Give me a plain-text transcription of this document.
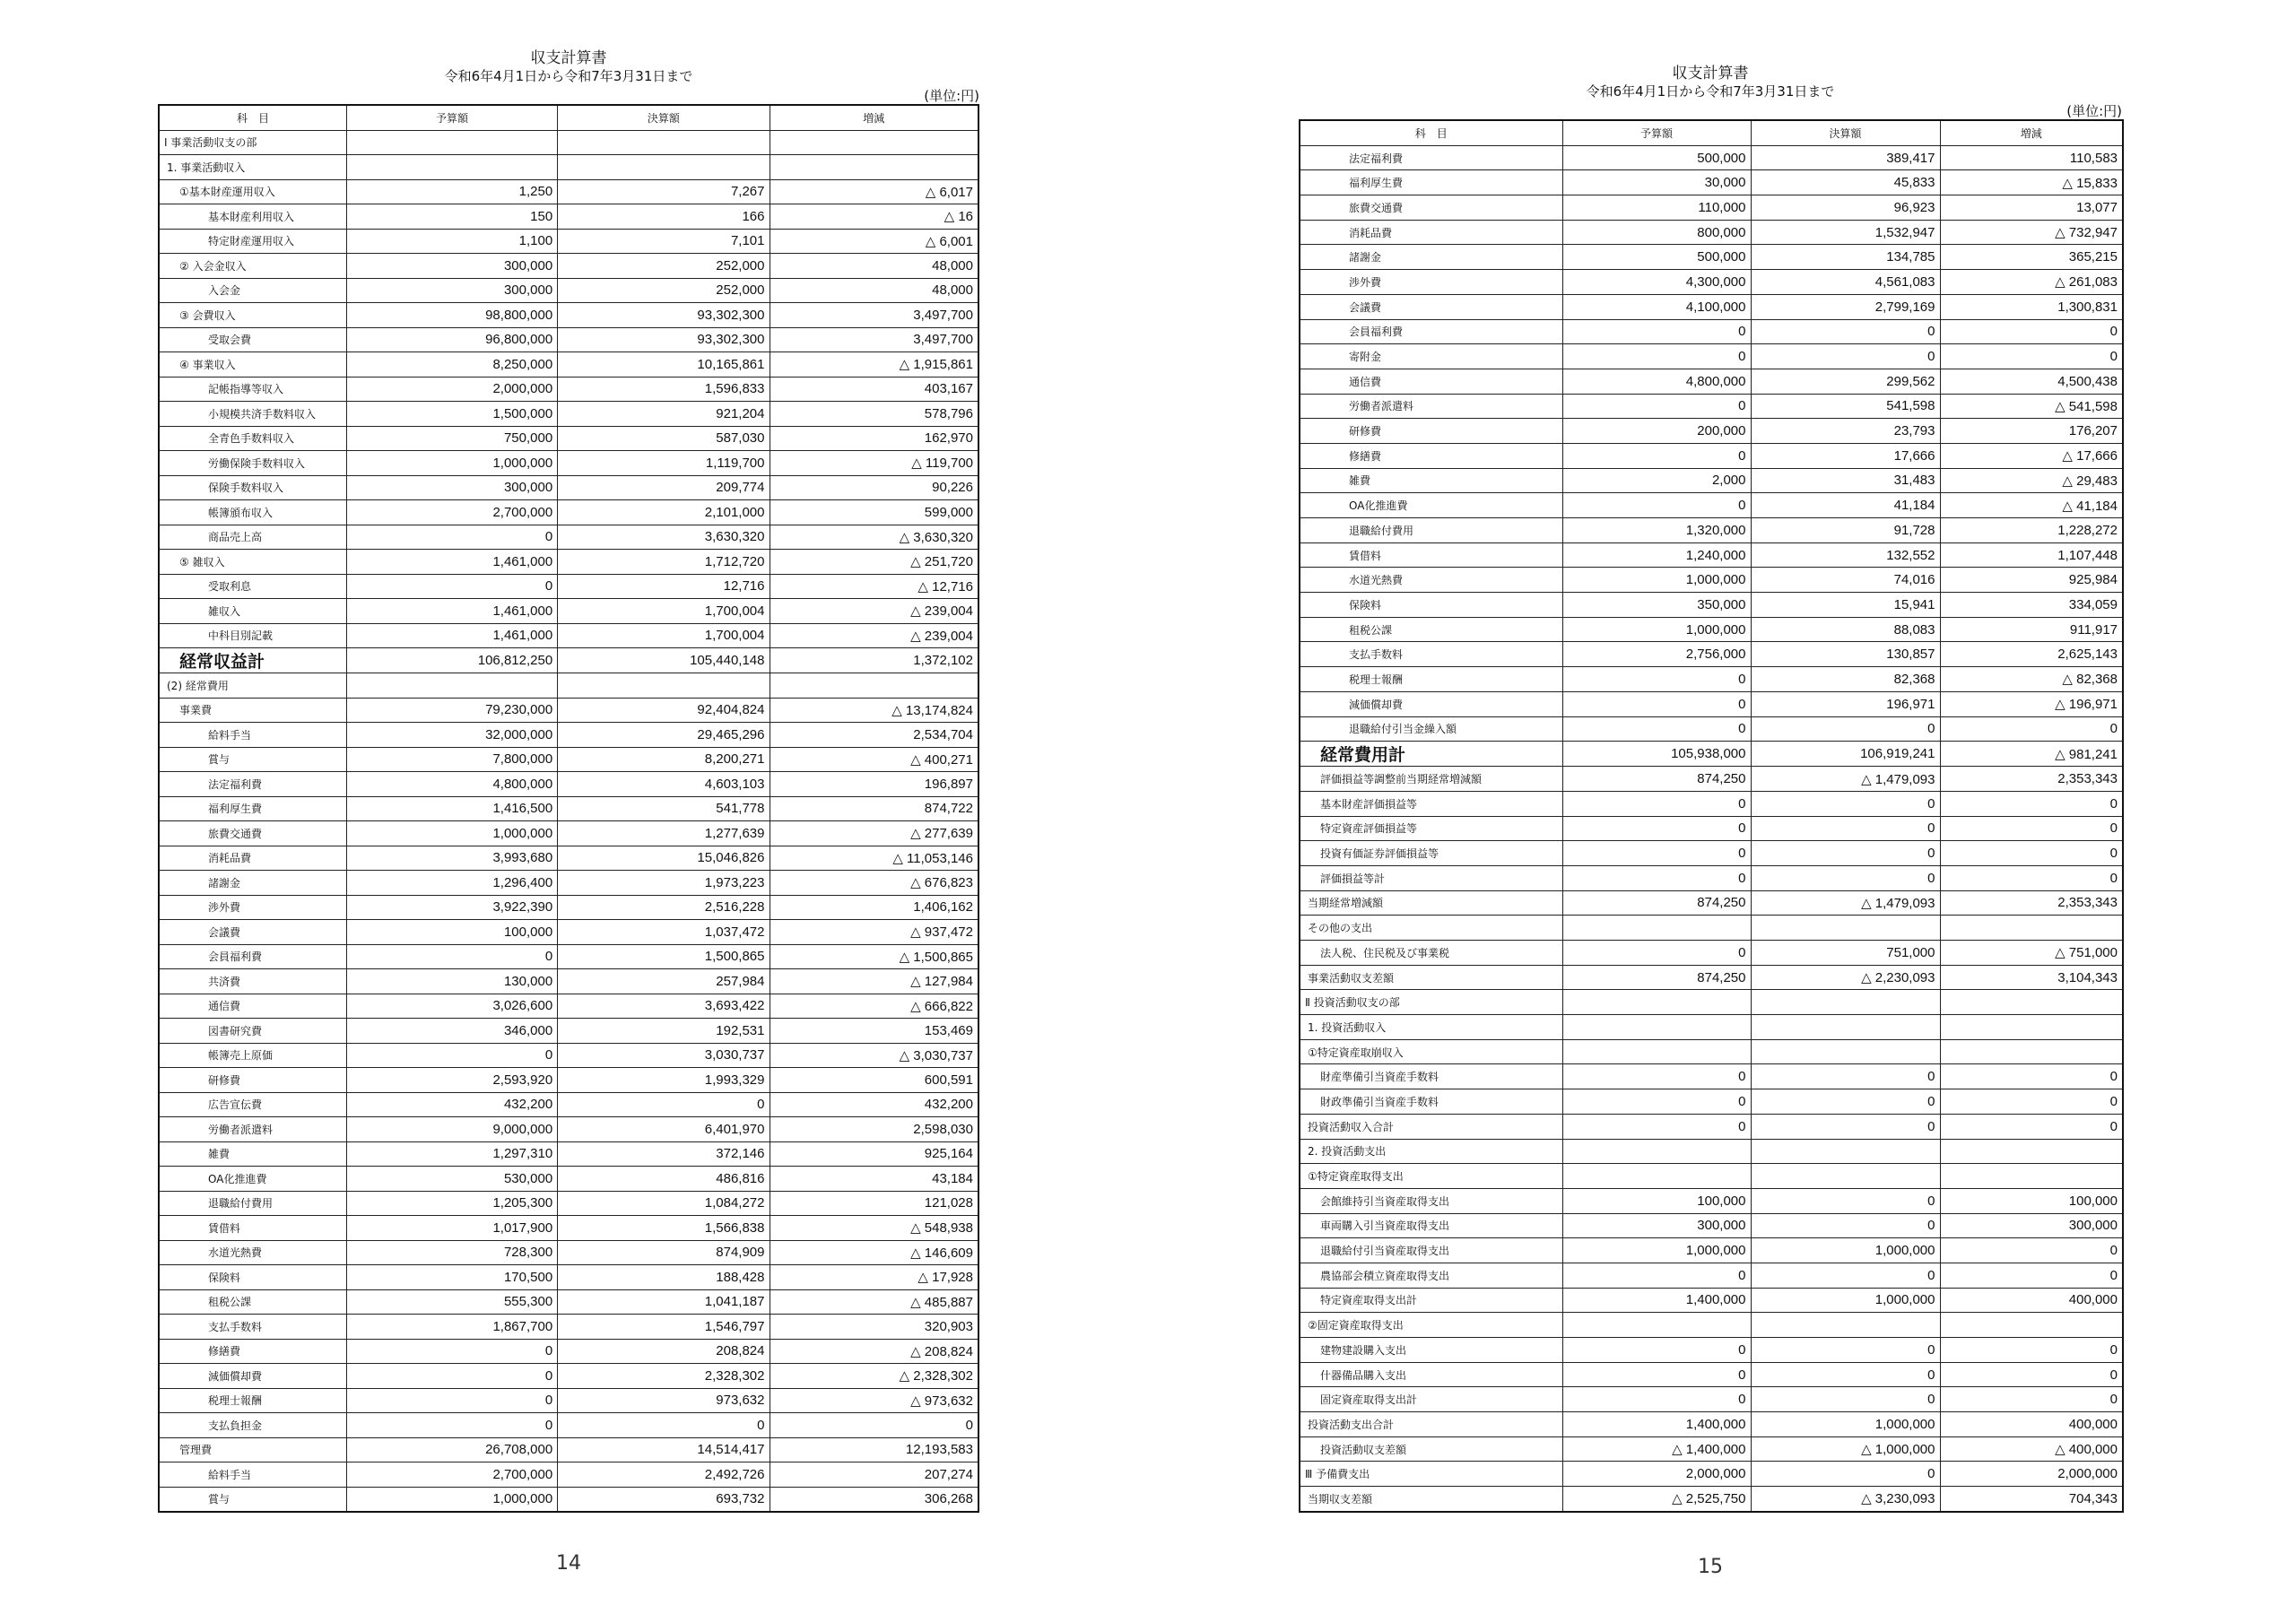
収支計算書
令和6年4月1日から令和7年3月31日まで
(単位:円)
科　目	予算額	決算額	増減
Ⅰ 事業活動収支の部			
1. 事業活動収入			
①基本財産運用収入	1,250	7,267	△ 6,017
基本財産利用収入	150	166	△ 16
特定財産運用収入	1,100	7,101	△ 6,001
② 入会金収入	300,000	252,000	48,000
入会金	300,000	252,000	48,000
③ 会費収入	98,800,000	93,302,300	3,497,700
受取会費	96,800,000	93,302,300	3,497,700
④ 事業収入	8,250,000	10,165,861	△ 1,915,861
記帳指導等収入	2,000,000	1,596,833	403,167
小規模共済手数料収入	1,500,000	921,204	578,796
全青色手数料収入	750,000	587,030	162,970
労働保険手数料収入	1,000,000	1,119,700	△ 119,700
保険手数料収入	300,000	209,774	90,226
帳簿頒布収入	2,700,000	2,101,000	599,000
商品売上高	0	3,630,320	△ 3,630,320
⑤ 雑収入	1,461,000	1,712,720	△ 251,720
受取利息	0	12,716	△ 12,716
雑収入	1,461,000	1,700,004	△ 239,004
中科目別記載	1,461,000	1,700,004	△ 239,004
経常収益計	106,812,250	105,440,148	1,372,102
(2) 経常費用			
事業費	79,230,000	92,404,824	△ 13,174,824
給料手当	32,000,000	29,465,296	2,534,704
賞与	7,800,000	8,200,271	△ 400,271
法定福利費	4,800,000	4,603,103	196,897
福利厚生費	1,416,500	541,778	874,722
旅費交通費	1,000,000	1,277,639	△ 277,639
消耗品費	3,993,680	15,046,826	△ 11,053,146
諸謝金	1,296,400	1,973,223	△ 676,823
渉外費	3,922,390	2,516,228	1,406,162
会議費	100,000	1,037,472	△ 937,472
会員福利費	0	1,500,865	△ 1,500,865
共済費	130,000	257,984	△ 127,984
通信費	3,026,600	3,693,422	△ 666,822
図書研究費	346,000	192,531	153,469
帳簿売上原価	0	3,030,737	△ 3,030,737
研修費	2,593,920	1,993,329	600,591
広告宣伝費	432,200	0	432,200
労働者派遣料	9,000,000	6,401,970	2,598,030
雑費	1,297,310	372,146	925,164
OA化推進費	530,000	486,816	43,184
退職給付費用	1,205,300	1,084,272	121,028
賃借料	1,017,900	1,566,838	△ 548,938
水道光熱費	728,300	874,909	△ 146,609
保険料	170,500	188,428	△ 17,928
租税公課	555,300	1,041,187	△ 485,887
支払手数料	1,867,700	1,546,797	320,903
修繕費	0	208,824	△ 208,824
減価償却費	0	2,328,302	△ 2,328,302
税理士報酬	0	973,632	△ 973,632
支払負担金	0	0	0
管理費	26,708,000	14,514,417	12,193,583
給料手当	2,700,000	2,492,726	207,274
賞与	1,000,000	693,732	306,268
14
収支計算書
令和6年4月1日から令和7年3月31日まで
(単位:円)
科　目	予算額	決算額	増減
法定福利費	500,000	389,417	110,583
福利厚生費	30,000	45,833	△ 15,833
旅費交通費	110,000	96,923	13,077
消耗品費	800,000	1,532,947	△ 732,947
諸謝金	500,000	134,785	365,215
渉外費	4,300,000	4,561,083	△ 261,083
会議費	4,100,000	2,799,169	1,300,831
会員福利費	0	0	0
寄附金	0	0	0
通信費	4,800,000	299,562	4,500,438
労働者派遣料	0	541,598	△ 541,598
研修費	200,000	23,793	176,207
修繕費	0	17,666	△ 17,666
雑費	2,000	31,483	△ 29,483
OA化推進費	0	41,184	△ 41,184
退職給付費用	1,320,000	91,728	1,228,272
賃借料	1,240,000	132,552	1,107,448
水道光熱費	1,000,000	74,016	925,984
保険料	350,000	15,941	334,059
租税公課	1,000,000	88,083	911,917
支払手数料	2,756,000	130,857	2,625,143
税理士報酬	0	82,368	△ 82,368
減価償却費	0	196,971	△ 196,971
退職給付引当金繰入額	0	0	0
経常費用計	105,938,000	106,919,241	△ 981,241
評価損益等調整前当期経常増減額	874,250	△ 1,479,093	2,353,343
基本財産評価損益等	0	0	0
特定資産評価損益等	0	0	0
投資有価証券評価損益等	0	0	0
評価損益等計	0	0	0
当期経常増減額	874,250	△ 1,479,093	2,353,343
その他の支出			
法人税、住民税及び事業税	0	751,000	△ 751,000
事業活動収支差額	874,250	△ 2,230,093	3,104,343
Ⅱ 投資活動収支の部			
1. 投資活動収入			
①特定資産取崩収入			
財産準備引当資産手数料	0	0	0
財政準備引当資産手数料	0	0	0
投資活動収入合計	0	0	0
2. 投資活動支出			
①特定資産取得支出			
会館維持引当資産取得支出	100,000	0	100,000
車両購入引当資産取得支出	300,000	0	300,000
退職給付引当資産取得支出	1,000,000	1,000,000	0
農協部会積立資産取得支出	0	0	0
特定資産取得支出計	1,400,000	1,000,000	400,000
②固定資産取得支出			
建物建設購入支出	0	0	0
什器備品購入支出	0	0	0
固定資産取得支出計	0	0	0
投資活動支出合計	1,400,000	1,000,000	400,000
投資活動収支差額	△ 1,400,000	△ 1,000,000	△ 400,000
Ⅲ 予備費支出	2,000,000	0	2,000,000
当期収支差額	△ 2,525,750	△ 3,230,093	704,343
15
